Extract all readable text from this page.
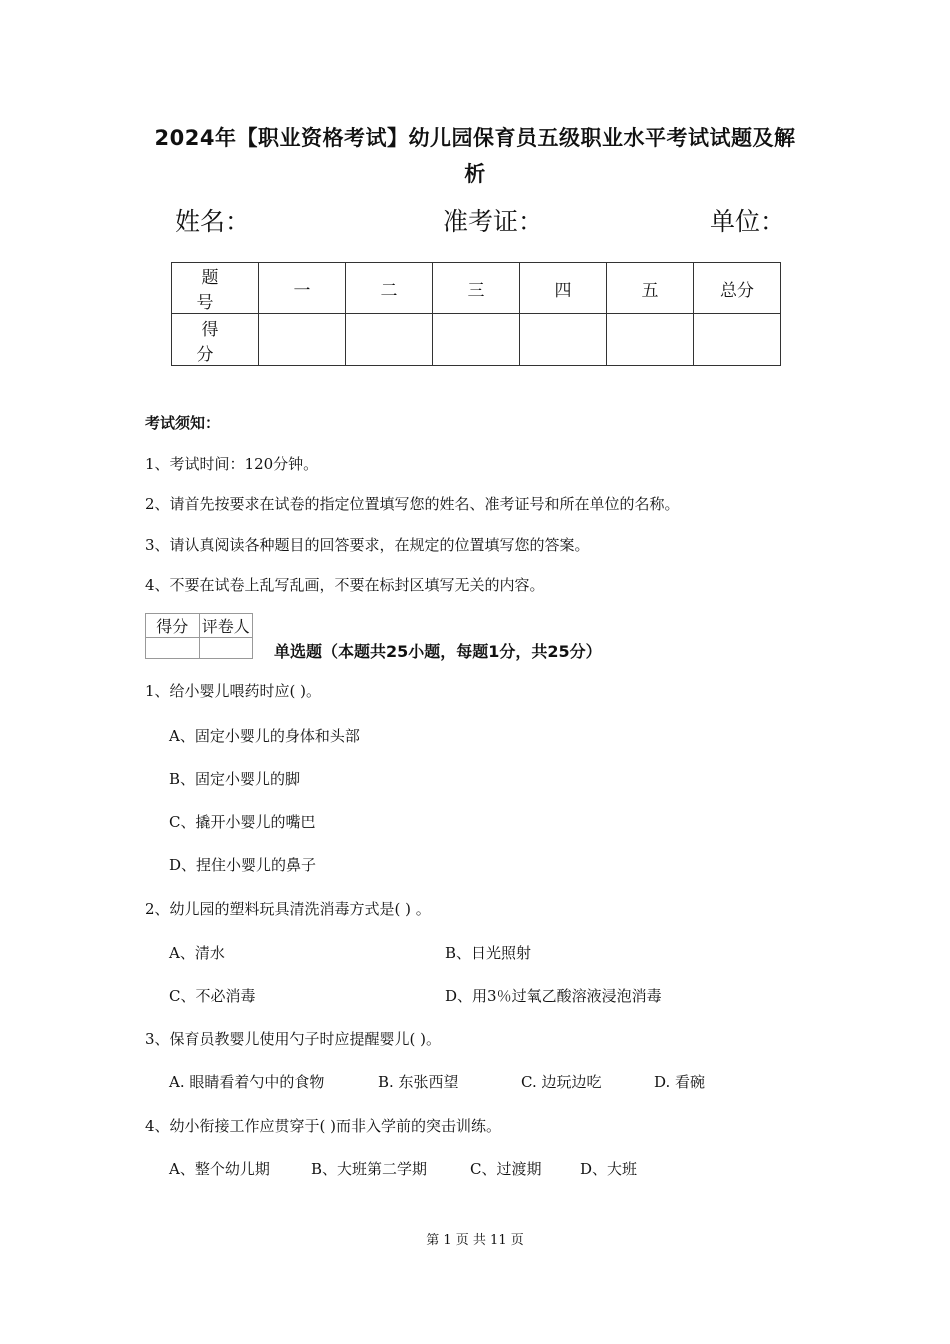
2024年【职业资格考试】幼儿园保育员五级职业水平考试试题及解
析
姓名：	准考证：	单位：
题 号	一	二	三	四	五	总分
得 分						
考试须知：
1、考试时间：120分钟。
2、请首先按要求在试卷的指定位置填写您的姓名、准考证号和所在单位的名称。
3、请认真阅读各种题目的回答要求，在规定的位置填写您的答案。
4、不要在试卷上乱写乱画，不要在标封区填写无关的内容。
得分	评卷人

单选题（本题共25小题，每题1分，共25分）
1、给小婴儿喂药时应( )。
A、固定小婴儿的身体和头部
B、固定小婴儿的脚
C、撬开小婴儿的嘴巴
D、捏住小婴儿的鼻子
2、幼儿园的塑料玩具清洗消毒方式是( ) 。
A、清水	B、日光照射
C、不必消毒	D、用3％过氧乙酸溶液浸泡消毒
3、保育员教婴儿使用勺子时应提醒婴儿( )。
A. 眼睛看着勺中的食物	B. 东张西望	C. 边玩边吃	D. 看碗
4、幼小衔接工作应贯穿于( )而非入学前的突击训练。
A、整个幼儿期	B、大班第二学期	C、过渡期	D、大班
第 1 页 共 11 页
